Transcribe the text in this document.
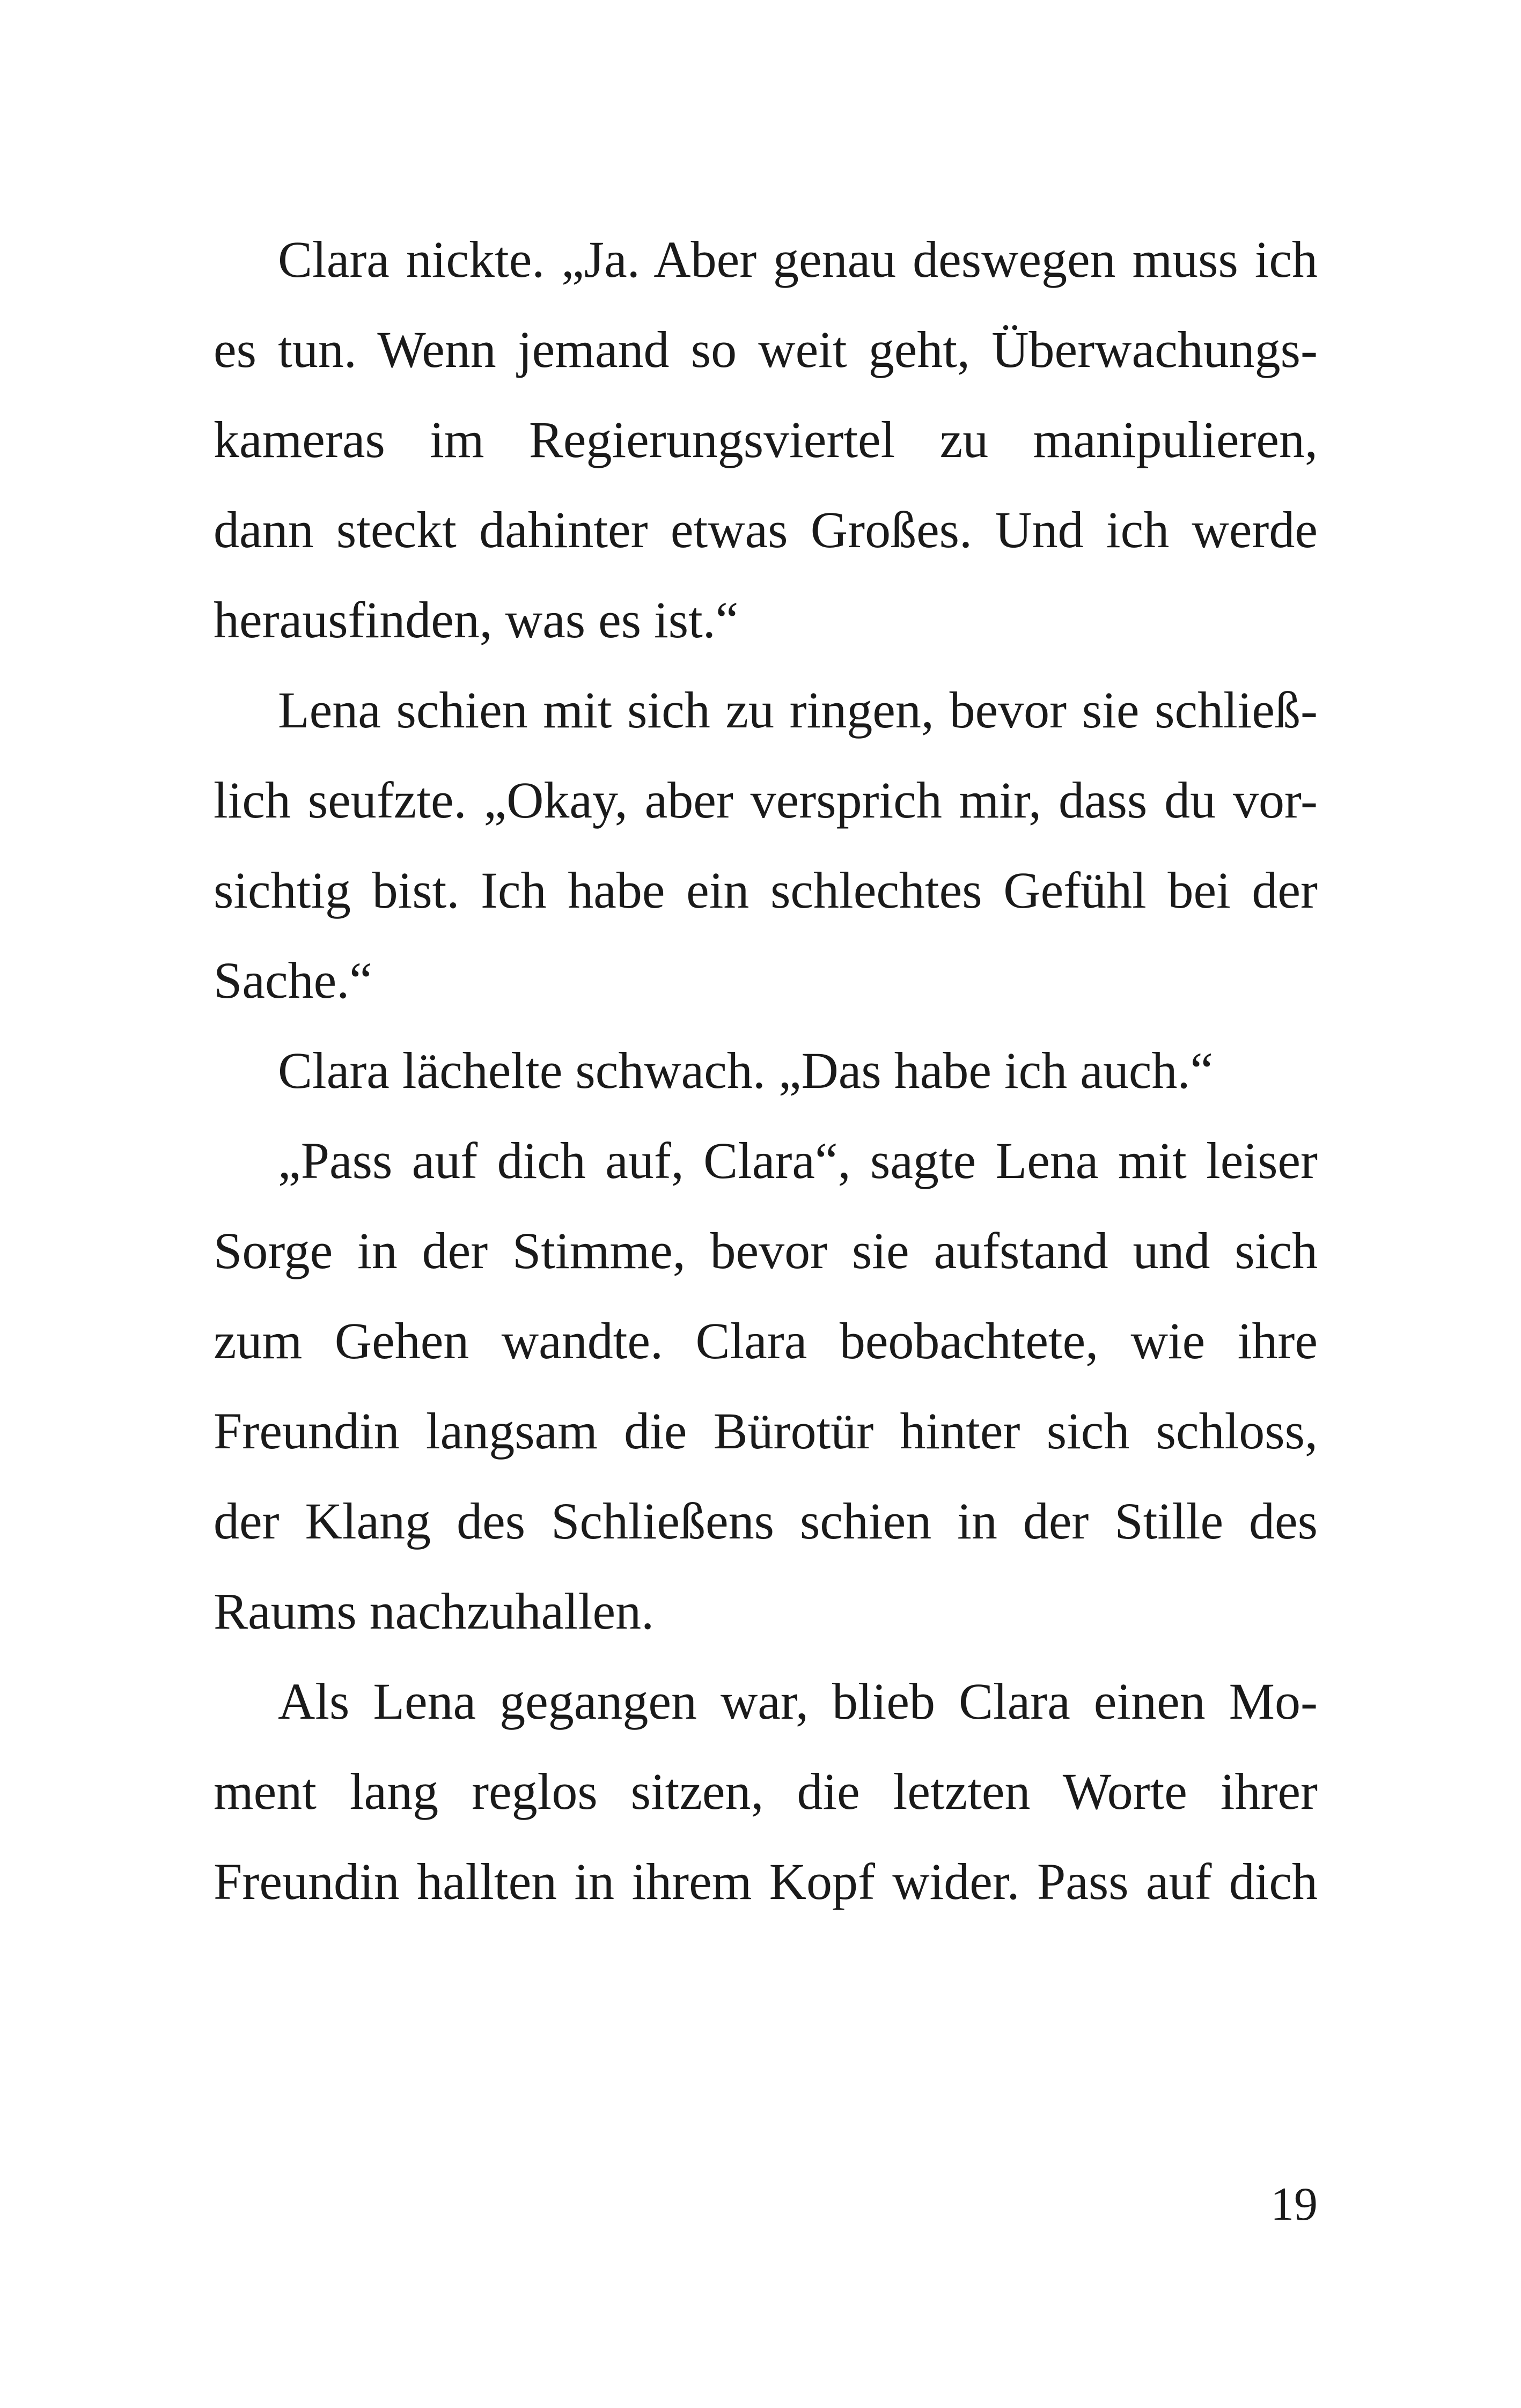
Clara nickte. „Ja. Aber genau deswegen muss ich
es tun. Wenn jemand so weit geht, Überwachungs-
kameras im Regierungsviertel zu manipulieren,
dann steckt dahinter etwas Großes. Und ich werde
herausfinden, was es ist.“
Lena schien mit sich zu ringen, bevor sie schließ-
lich seufzte. „Okay, aber versprich mir, dass du vor-
sichtig bist. Ich habe ein schlechtes Gefühl bei der
Sache.“
Clara lächelte schwach. „Das habe ich auch.“
„Pass auf dich auf, Clara“, sagte Lena mit leiser
Sorge in der Stimme, bevor sie aufstand und sich
zum Gehen wandte. Clara beobachtete, wie ihre
Freundin langsam die Bürotür hinter sich schloss,
der Klang des Schließens schien in der Stille des
Raums nachzuhallen.
Als Lena gegangen war, blieb Clara einen Mo-
ment lang reglos sitzen, die letzten Worte ihrer
Freundin hallten in ihrem Kopf wider. Pass auf dich
19
